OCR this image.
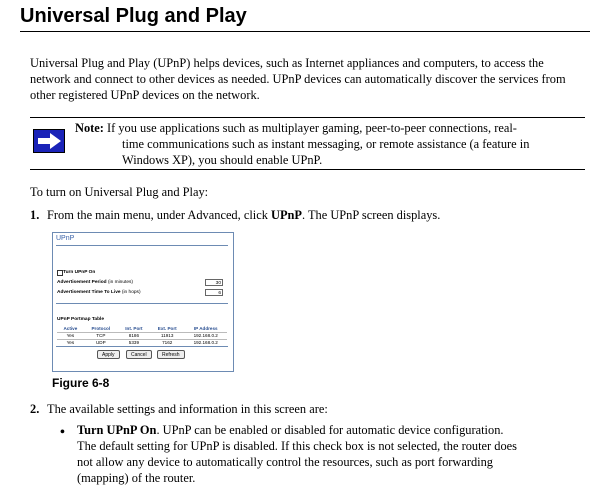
Universal Plug and Play

Universal Plug and Play (UPnP) helps devices, such as Internet appliances and computers, to access the network and connect to other devices as needed. UPnP devices can automatically discover the services from other registered UPnP devices on the network.

Note: If you use applications such as multiplayer gaming, peer-to-peer connections, real-
time communications such as instant messaging, or remote assistance (a feature in
Windows XP), you should enable UPnP.
To turn on Universal Plug and Play:
1. From the main menu, under Advanced, click UPnP. The UPnP screen displays.
UPnP
Turn UPnP On
Advertisement Period (in minutes)	30
Advertisement Time To Live (in hops)	6
UPnP Portmap Table
Active	Protocol	Int. Port	Ext. Port	IP Address
Yes	TCP	8186	11913	192.168.0.2
Yes	UDP	5339	7162	192.168.0.2
Apply	Cancel	Refresh
Figure 6-8
2. The available settings and information in this screen are:
• Turn UPnP On. UPnP can be enabled or disabled for automatic device configuration.
The default setting for UPnP is disabled. If this check box is not selected, the router does
not allow any device to automatically control the resources, such as port forwarding
(mapping) of the router.
